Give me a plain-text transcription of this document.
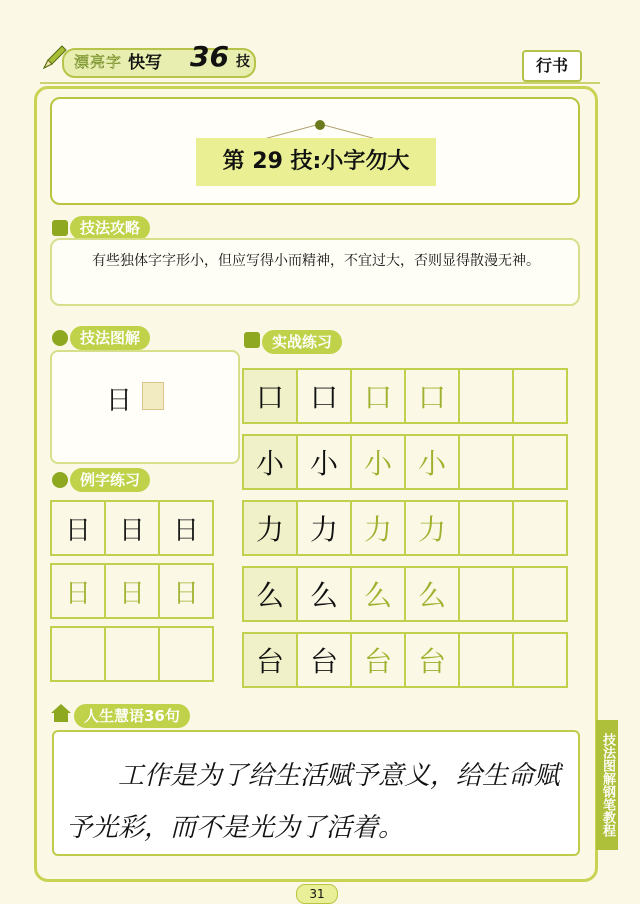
漂亮字 快写 36 技	行书
第 29 技:小字勿大
技法攻略
有些独体字字形小，但应写得小而精神，不宜过大，否则显得散漫无神。
技法图解
日
例字练习
日	日	日
日	日	日

实战练习
口	口	口	口		
小	小	小	小		
力	力	力	力		
么	么	么	么		
台	台	台	台		
人生慧语36句
工作是为了给生活赋予意义，给生命赋予光彩，而不是光为了活着。	技法图解钢笔教程
31
